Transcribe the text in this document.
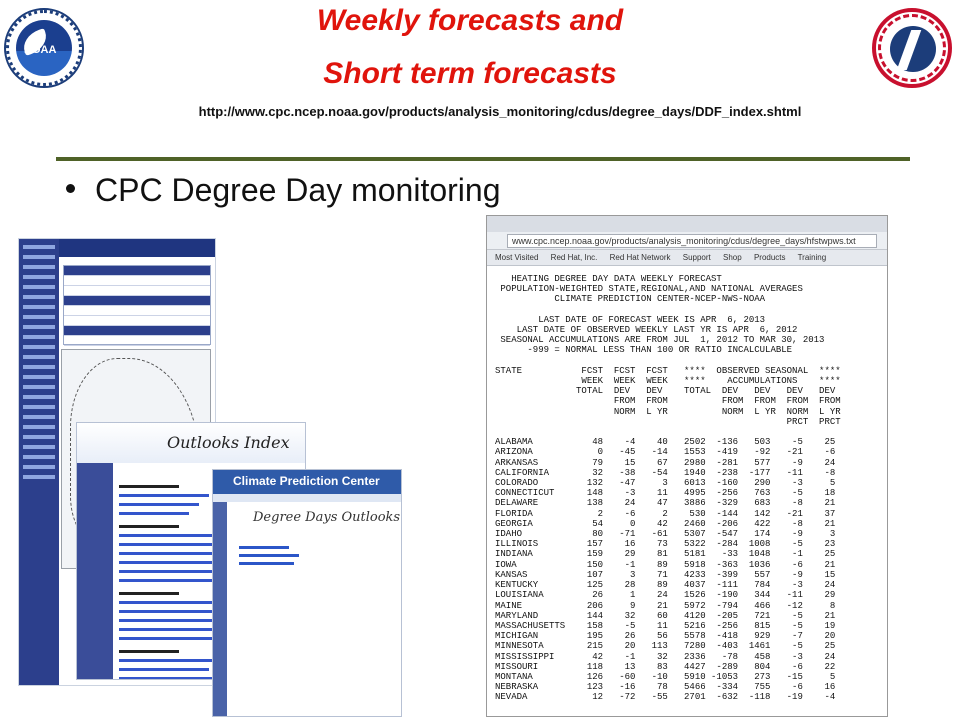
NOAA
Weekly forecasts and
Short term forecasts
http://www.cpc.ncep.noaa.gov/products/analysis_monitoring/cdus/degree_days/DDF_index.shtml
CPC Degree Day monitoring
Outlooks Index
Climate Prediction Center
Degree Days Outlooks
www.cpc.ncep.noaa.gov/products/analysis_monitoring/cdus/degree_days/hfstwpws.txt
Most Visited Red Hat, Inc. Red Hat Network Support Shop Products Training
HEATING DEGREE DAY DATA WEEKLY FORECAST
POPULATION-WEIGHTED STATE,REGIONAL,AND NATIONAL AVERAGES
CLIMATE PREDICTION CENTER-NCEP-NWS-NOAA

LAST DATE OF FORECAST WEEK IS APR  6, 2013
LAST DATE OF OBSERVED WEEKLY LAST YR IS APR  6, 2012
SEASONAL ACCUMULATIONS ARE FROM JUL  1, 2012 TO MAR 30, 2013
-999 = NORMAL LESS THAN 100 OR RATIO INCALCULABLE

STATE           FCST  FCST  FCST   ****  OBSERVED SEASONAL  ****
WEEK  WEEK  WEEK   ****    ACCUMULATIONS    ****
TOTAL  DEV   DEV    TOTAL  DEV   DEV   DEV   DEV
FROM  FROM          FROM  FROM  FROM  FROM
NORM  L YR          NORM  L YR  NORM  L YR
PRCT  PRCT

ALABAMA           48    -4    40   2502  -136   503    -5    25
ARIZONA            0   -45   -14   1553  -419   -92   -21    -6
ARKANSAS          79    15    67   2980  -281   577    -9    24
CALIFORNIA        32   -38   -54   1940  -238  -177   -11    -8
COLORADO         132   -47     3   6013  -160   290    -3     5
CONNECTICUT      148    -3    11   4995  -256   763    -5    18
DELAWARE         138    24    47   3886  -329   683    -8    21
FLORIDA            2    -6     2    530  -144   142   -21    37
GEORGIA           54     0    42   2460  -206   422    -8    21
IDAHO             80   -71   -61   5307  -547   174    -9     3
ILLINOIS         157    16    73   5322  -284  1008    -5    23
INDIANA          159    29    81   5181   -33  1048    -1    25
IOWA             150    -1    89   5918  -363  1036    -6    21
KANSAS           107     3    71   4233  -399   557    -9    15
KENTUCKY         125    28    89   4037  -111   784    -3    24
LOUISIANA         26     1    24   1526  -190   344   -11    29
MAINE            206     9    21   5972  -794   466   -12     8
MARYLAND         144    32    60   4120  -205   721    -5    21
MASSACHUSETTS    158    -5    11   5216  -256   815    -5    19
MICHIGAN         195    26    56   5578  -418   929    -7    20
MINNESOTA        215    20   113   7280  -403  1461    -5    25
MISSISSIPPI       42    -1    32   2336   -78   458    -3    24
MISSOURI         118    13    83   4427  -289   804    -6    22
MONTANA          126   -60   -10   5910 -1053   273   -15     5
NEBRASKA         123   -16    78   5466  -334   755    -6    16
NEVADA            12   -72   -55   2701  -632  -118   -19    -4
